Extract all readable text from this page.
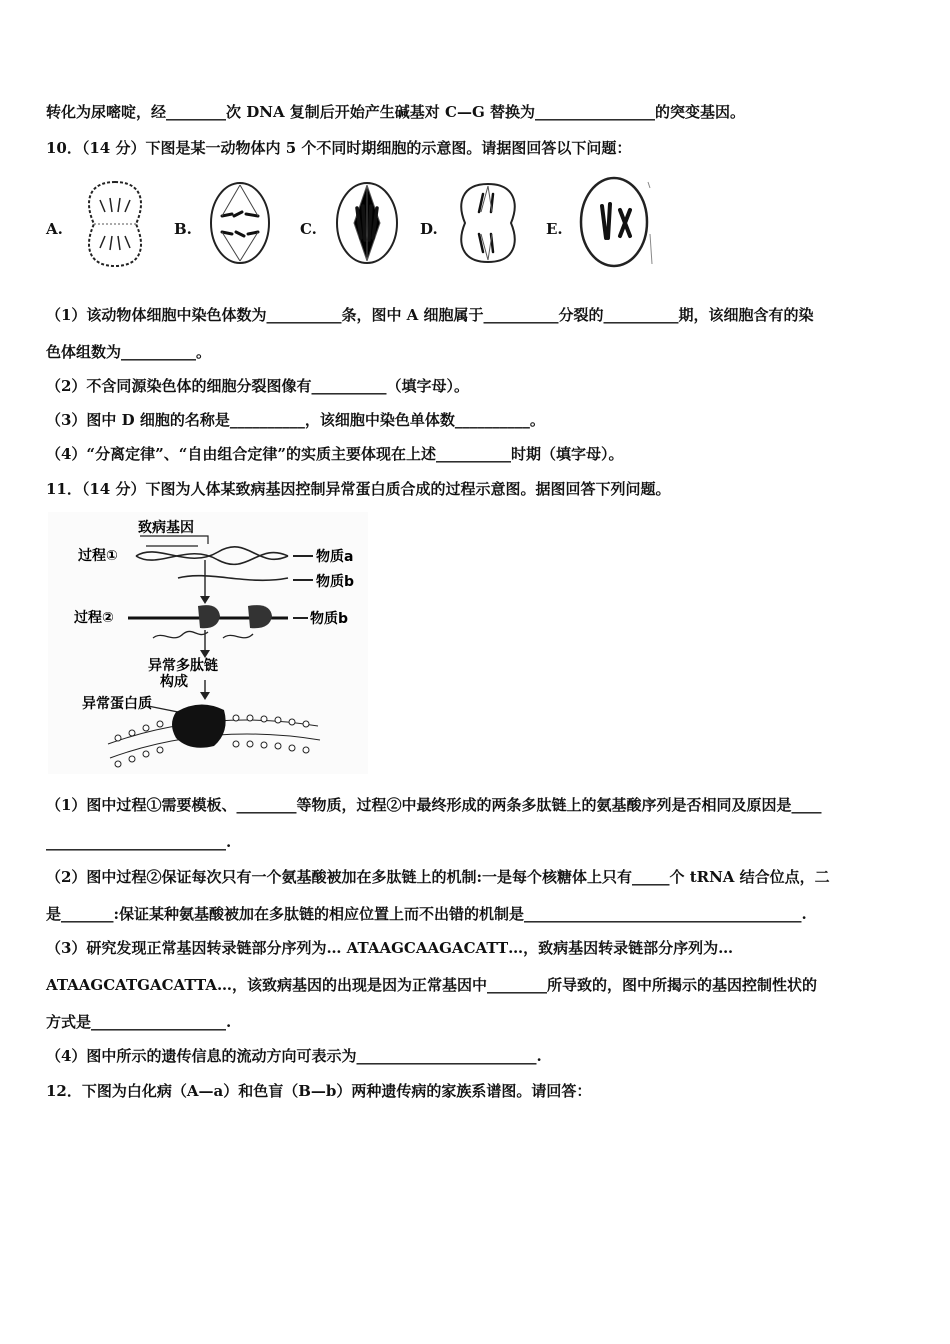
转化为尿嘧啶，经________次 DNA 复制后开始产生碱基对 C—G 替换为________________的突变基因。
10．（14 分）下图是某一动物体内 5 个不同时期细胞的示意图。请据图回答以下问题：
A.	B.	C.	D.	E.
（1）该动物体细胞中染色体数为__________条，图中 A 细胞属于__________分裂的__________期，该细胞含有的染
色体组数为__________。
（2）不含同源染色体的细胞分裂图像有__________（填字母）。
（3）图中 D 细胞的名称是__________，该细胞中染色单体数__________。
（4）“分离定律”、“自由组合定律”的实质主要体现在上述__________时期（填字母）。
11．（14 分）下图为人体某致病基因控制异常蛋白质合成的过程示意图。据图回答下列问题。
致病基因
过程①	物质a
物质b
过程②	物质b
异常多肽链
构成
异常蛋白质
（1）图中过程①需要模板、________等物质，过程②中最终形成的两条多肽链上的氨基酸序列是否相同及原因是____
________________________.
（2）图中过程②保证每次只有一个氨基酸被加在多肽链上的机制:一是每个核糖体上只有_____个 tRNA 结合位点，二
是_______:保证某种氨基酸被加在多肽链的相应位置上而不出错的机制是_____________________________________.
（3）研究发现正常基因转录链部分序列为… ATAAGCAAGACATT…，致病基因转录链部分序列为…
ATAAGCATGACATTA…，该致病基因的出现是因为正常基因中________所导致的，图中所揭示的基因控制性状的
方式是__________________.
（4）图中所示的遗传信息的流动方向可表示为________________________.
12．下图为白化病（A—a）和色盲（B—b）两种遗传病的家族系谱图。请回答：
